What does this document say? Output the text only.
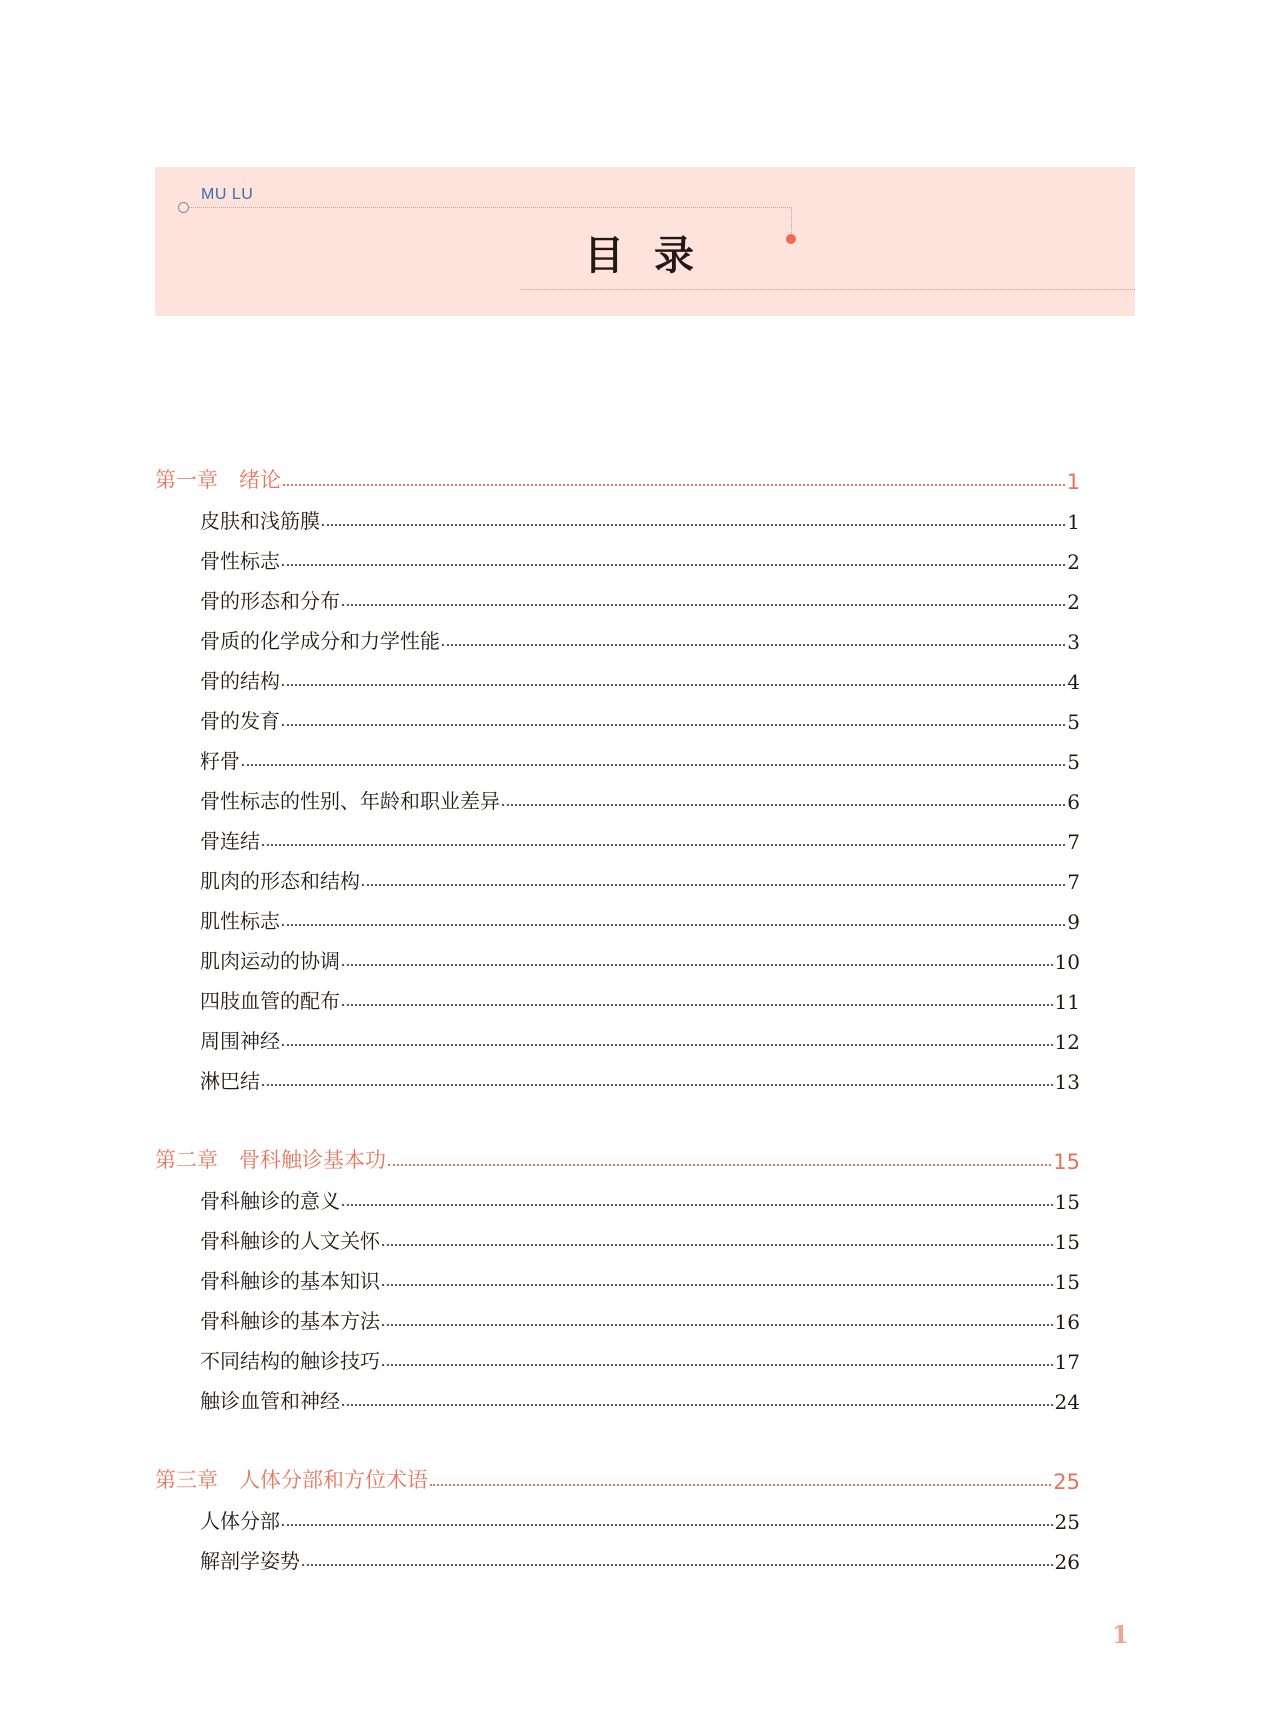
MU LU
目录
第一章　绪论	1
皮肤和浅筋膜	1
骨性标志	2
骨的形态和分布	2
骨质的化学成分和力学性能	3
骨的结构	4
骨的发育	5
籽骨	5
骨性标志的性别、年龄和职业差异	6
骨连结	7
肌肉的形态和结构	7
肌性标志	9
肌肉运动的协调	10
四肢血管的配布	11
周围神经	12
淋巴结	13
第二章　骨科触诊基本功	15
骨科触诊的意义	15
骨科触诊的人文关怀	15
骨科触诊的基本知识	15
骨科触诊的基本方法	16
不同结构的触诊技巧	17
触诊血管和神经	24
第三章　人体分部和方位术语	25
人体分部	25
解剖学姿势	26
1
